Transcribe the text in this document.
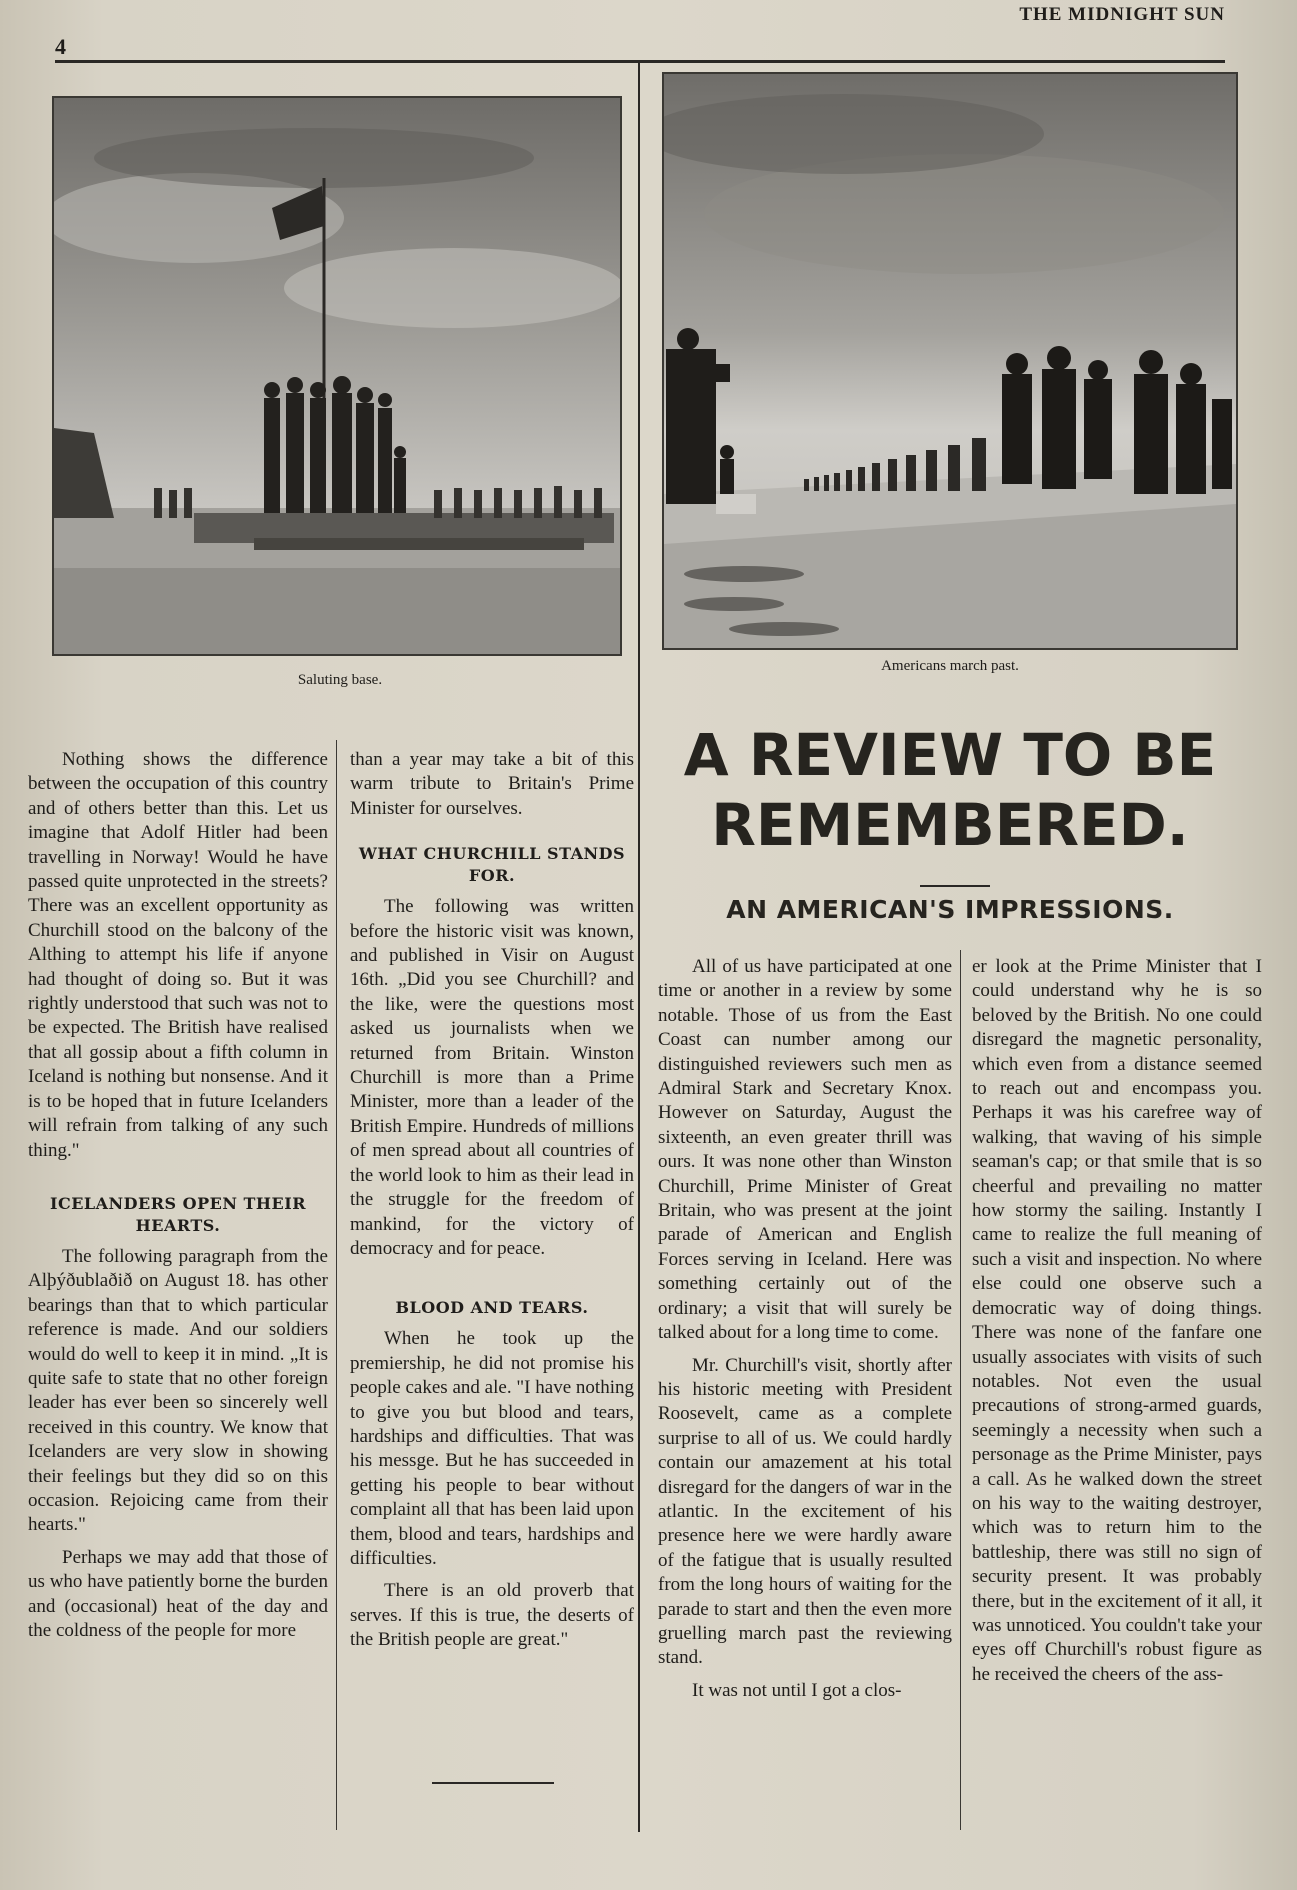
4
THE MIDNIGHT SUN
Saluting base.
Americans march past.

Nothing shows the difference between the occupation of this country and of others better than this. Let us imagine that Adolf Hitler had been travelling in Norway! Would he have passed quite unprotected in the streets? There was an excellent opportunity as Churchill stood on the balcony of the Althing to attempt his life if anyone had thought of doing so. But it was rightly understood that such was not to be expected. The British have realised that all gossip about a fifth column in Iceland is nothing but nonsense. And it is to be hoped that in future Icelanders will refrain from talking of any such thing."

ICELANDERS OPEN THEIR HEARTS.

The following paragraph from the Alþýðublaðið on August 18. has other bearings than that to which particular reference is made. And our soldiers would do well to keep it in mind. „It is quite safe to state that no other foreign leader has ever been so sincerely well received in this country. We know that Icelanders are very slow in showing their feelings but they did so on this occasion. Rejoicing came from their hearts."

Perhaps we may add that those of us who have patiently borne the burden and (occasional) heat of the day and the coldness of the people for more

than a year may take a bit of this warm tribute to Britain's Prime Minister for ourselves.

WHAT CHURCHILL STANDS FOR.

The following was written before the historic visit was known, and published in Visir on August 16th. „Did you see Churchill? and the like, were the questions most asked us journalists when we returned from Britain. Winston Churchill is more than a Prime Minister, more than a leader of the British Empire. Hundreds of millions of men spread about all countries of the world look to him as their lead in the struggle for the freedom of mankind, for the victory of democracy and for peace.

BLOOD AND TEARS.

When he took up the premiership, he did not promise his people cakes and ale. "I have nothing to give you but blood and tears, hardships and difficulties. That was his messge. But he has succeeded in getting his people to bear without complaint all that has been laid upon them, blood and tears, hardships and difficulties.

There is an old proverb that serves. If this is true, the deserts of the British people are great."

A REVIEW TO BE REMEMBERED.
AN AMERICAN'S IMPRESSIONS.

All of us have participated at one time or another in a review by some notable. Those of us from the East Coast can number among our distinguished reviewers such men as Admiral Stark and Secretary Knox. However on Saturday, August the sixteenth, an even greater thrill was ours. It was none other than Winston Churchill, Prime Minister of Great Britain, who was present at the joint parade of American and English Forces serving in Iceland. Here was something certainly out of the ordinary; a visit that will surely be talked about for a long time to come.

Mr. Churchill's visit, shortly after his historic meeting with President Roosevelt, came as a complete surprise to all of us. We could hardly contain our amazement at his total disregard for the dangers of war in the atlantic. In the excitement of his presence here we were hardly aware of the fatigue that is usually resulted from the long hours of waiting for the parade to start and then the even more gruelling march past the reviewing stand.

It was not until I got a clos-

er look at the Prime Minister that I could understand why he is so beloved by the British. No one could disregard the magnetic personality, which even from a distance seemed to reach out and encompass you. Perhaps it was his carefree way of walking, that waving of his simple seaman's cap; or that smile that is so cheerful and prevailing no matter how stormy the sailing. Instantly I came to realize the full meaning of such a visit and inspection. No where else could one observe such a democratic way of doing things. There was none of the fanfare one usually associates with visits of such notables. Not even the usual precautions of strong-armed guards, seemingly a necessity when such a personage as the Prime Minister, pays a call. As he walked down the street on his way to the waiting destroyer, which was to return him to the battleship, there was still no sign of security present. It was probably there, but in the excitement of it all, it was unnoticed. You couldn't take your eyes off Churchill's robust figure as he received the cheers of the ass-
